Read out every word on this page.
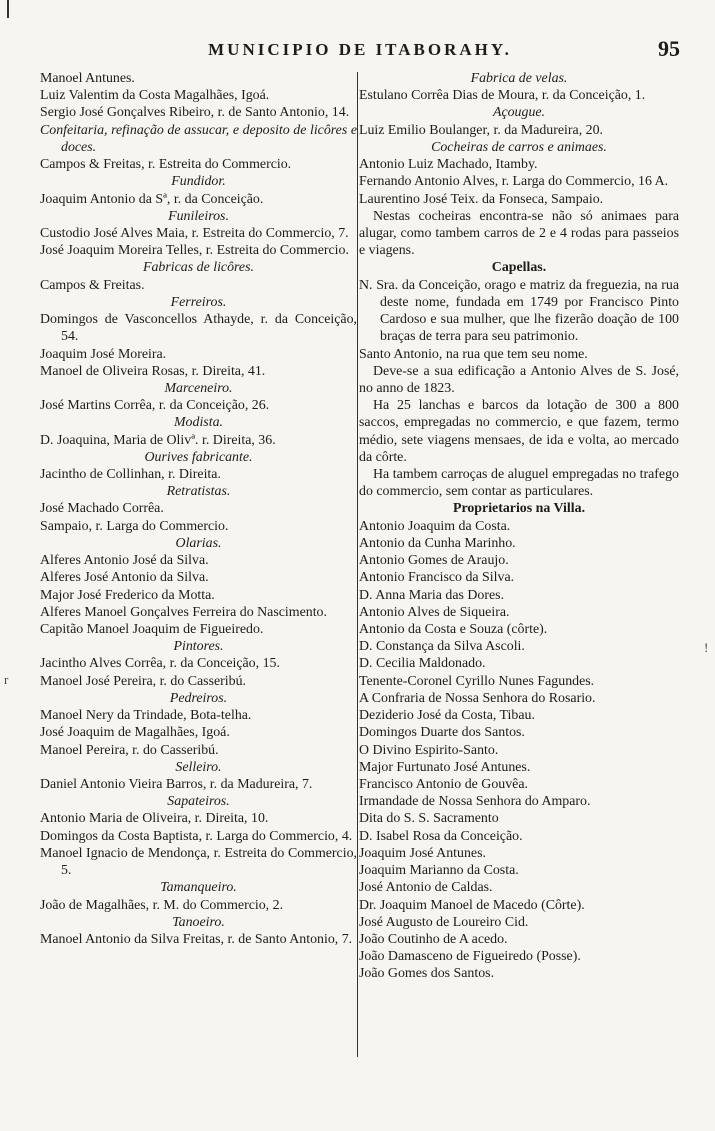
MUNICIPIO DE ITABORAHY.	95
Manoel Antunes.
Luiz Valentim da Costa Magalhães, Igoá.
Sergio José Gonçalves Ribeiro, r. de Santo Antonio, 14.
Confeitaria, refinação de assucar, e deposito de licôres e doces.
Campos & Freitas, r. Estreita do Commercio.
Fundidor.
Joaquim Antonio da Sª, r. da Conceição.
Funileiros.
Custodio José Alves Maia, r. Estreita do Commercio, 7.
José Joaquim Moreira Telles, r. Estreita do Commercio.
Fabricas de licôres.
Campos & Freitas.
Ferreiros.
Domingos de Vasconcellos Athayde, r. da Conceição, 54.
Joaquim José Moreira.
Manoel de Oliveira Rosas, r. Direita, 41.
Marceneiro.
José Martins Corrêa, r. da Conceição, 26.
Modista.
D. Joaquina, Maria de Olivª. r. Direita, 36.
Ourives fabricante.
Jacintho de Collinhan, r. Direita.
Retratistas.
José Machado Corrêa.
Sampaio, r. Larga do Commercio.
Olarias.
Alferes Antonio José da Silva.
Alferes José Antonio da Silva.
Major José Frederico da Motta.
Alferes Manoel Gonçalves Ferreira do Nascimento.
Capitão Manoel Joaquim de Figueiredo.
Pintores.
Jacintho Alves Corrêa, r. da Conceição, 15.
Manoel José Pereira, r. do Casseribú.
Pedreiros.
Manoel Nery da Trindade, Bota-telha.
José Joaquim de Magalhães, Igoá.
Manoel Pereira, r. do Casseribú.
Selleiro.
Daniel Antonio Vieira Barros, r. da Madureira, 7.
Sapateiros.
Antonio Maria de Oliveira, r. Direita, 10.
Domingos da Costa Baptista, r. Larga do Commercio, 4.
Manoel Ignacio de Mendonça, r. Estreita do Commercio, 5.
Tamanqueiro.
João de Magalhães, r. M. do Commercio, 2.
Tanoeiro.
Manoel Antonio da Silva Freitas, r. de Santo Antonio, 7.
Fabrica de velas.
Estulano Corrêa Dias de Moura, r. da Conceição, 1.
Açougue.
Luiz Emilio Boulanger, r. da Madureira, 20.
Cocheiras de carros e animaes.
Antonio Luiz Machado, Itamby.
Fernando Antonio Alves, r. Larga do Commercio, 16 A.
Laurentino José Teix. da Fonseca, Sampaio.
Nestas cocheiras encontra-se não só animaes para alugar, como tambem carros de 2 e 4 rodas para passeios e viagens.
Capellas.
N. Sra. da Conceição, orago e matriz da freguezia, na rua deste nome, fundada em 1749 por Francisco Pinto Cardoso e sua mulher, que lhe fizerão doação de 100 braças de terra para seu patrimonio.
Santo Antonio, na rua que tem seu nome.
Deve-se a sua edificação a Antonio Alves de S. José, no anno de 1823.
Ha 25 lanchas e barcos da lotação de 300 a 800 saccos, empregadas no commercio, e que fazem, termo médio, sete viagens mensaes, de ida e volta, ao mercado da côrte.
Ha tambem carroças de aluguel empregadas no trafego do commercio, sem contar as particulares.
Proprietarios na Villa.
Antonio Joaquim da Costa.
Antonio da Cunha Marinho.
Antonio Gomes de Araujo.
Antonio Francisco da Silva.
D. Anna Maria das Dores.
Antonio Alves de Siqueira.
Antonio da Costa e Souza (côrte).
D. Constança da Silva Ascoli.
D. Cecilia Maldonado.
Tenente-Coronel Cyrillo Nunes Fagundes.
A Confraria de Nossa Senhora do Rosario.
Deziderio José da Costa, Tibau.
Domingos Duarte dos Santos.
O Divino Espirito-Santo.
Major Furtunato José Antunes.
Francisco Antonio de Gouvêa.
Irmandade de Nossa Senhora do Amparo.
Dita do S. S. Sacramento
D. Isabel Rosa da Conceição.
Joaquim José Antunes.
Joaquim Marianno da Costa.
José Antonio de Caldas.
Dr. Joaquim Manoel de Macedo (Côrte).
José Augusto de Loureiro Cid.
João Coutinho de A acedo.
João Damasceno de Figueiredo (Posse).
João Gomes dos Santos.
!
r
